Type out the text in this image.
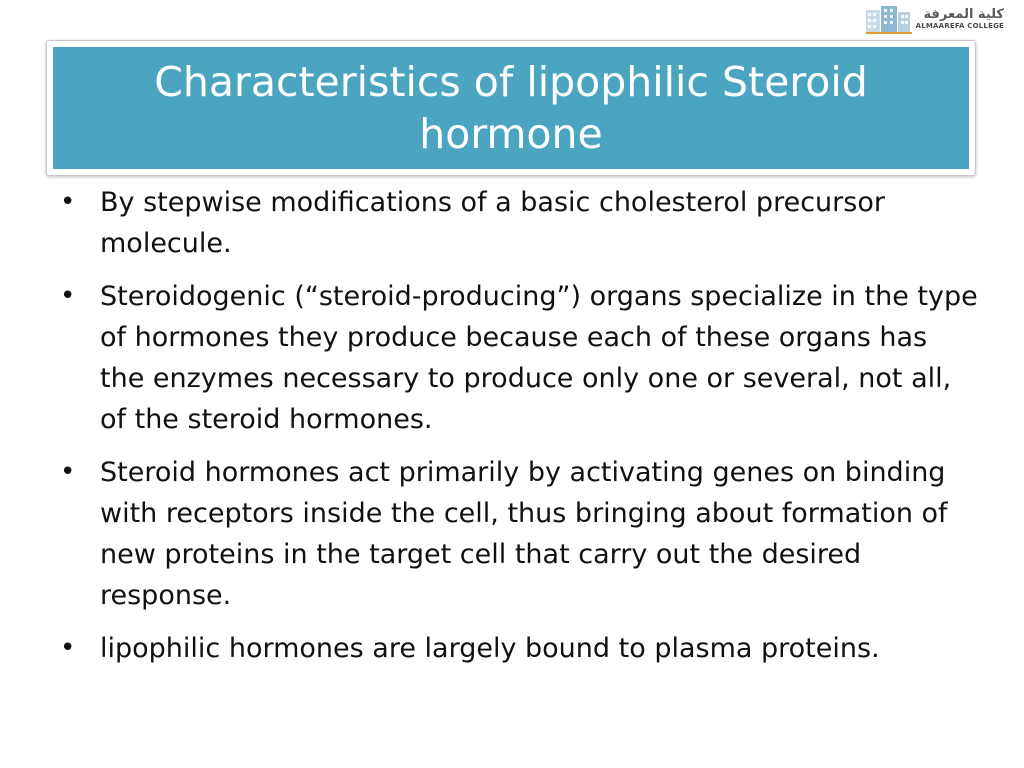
كلية المعرفة
ALMAAREFA COLLEGE
Characteristics of lipophilic Steroid hormone
• By stepwise modifications of a basic cholesterol precursor molecule.
• Steroidogenic (“steroid-producing”) organs specialize in the type of hormones they produce because each of these organs has the enzymes necessary to produce only one or several, not all, of the steroid hormones.
• Steroid hormones act primarily by activating genes on binding with receptors inside the cell, thus bringing about formation of new proteins in the target cell that carry out the desired response.
• lipophilic hormones are largely bound to plasma proteins.
